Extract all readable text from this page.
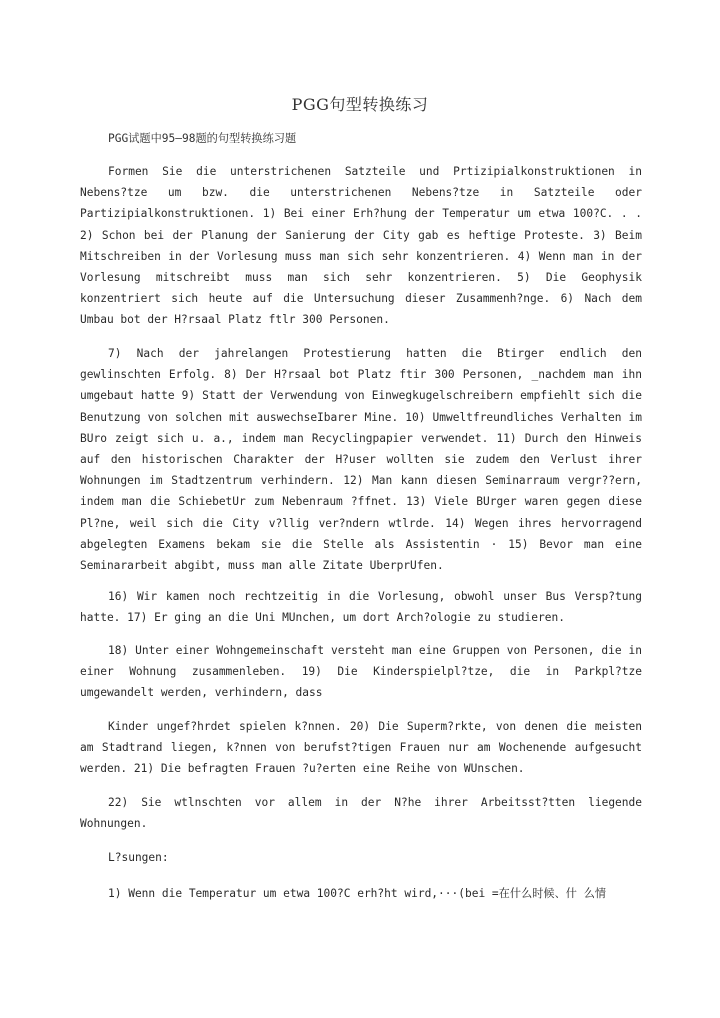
PGG句型转换练习
PGG试题中95—98题的句型转换练习题
Formen Sie die unterstrichenen Satzteile und Prtizipialkonstruktionen in Nebens?tze um bzw. die unterstrichenen Nebens?tze in Satzteile oder Partizipialkonstruktionen. 1) Bei einer Erh?hung der Temperatur um etwa 100?C. . . 2) Schon bei der Planung der Sanierung der City gab es heftige Proteste. 3) Beim Mitschreiben in der Vorlesung muss man sich sehr konzentrieren. 4) Wenn man in der Vorlesung mitschreibt muss man sich sehr konzentrieren. 5) Die Geophysik konzentriert sich heute auf die Untersuchung dieser Zusammenh?nge. 6) Nach dem Umbau bot der H?rsaal Platz ftlr 300 Personen.
7) Nach der jahrelangen Protestierung hatten die Btirger endlich den gewlinschten Erfolg. 8) Der H?rsaal bot Platz ftir 300 Personen, _nachdem man ihn umgebaut hatte 9) Statt der Verwendung von Einwegkugelschreibern empfiehlt sich die Benutzung von solchen mit auswechseIbarer Mine. 10) Umweltfreundliches Verhalten im BUro zeigt sich u. a., indem man Recyclingpapier verwendet. 11) Durch den Hinweis auf den historischen Charakter der H?user wollten sie zudem den Verlust ihrer Wohnungen im Stadtzentrum verhindern. 12) Man kann diesen Seminarraum vergr??ern, indem man die SchiebetUr zum Nebenraum ?ffnet. 13) Viele BUrger waren gegen diese Pl?ne, weil sich die City v?llig ver?ndern wtlrde. 14) Wegen ihres hervorragend abgelegten Examens bekam sie die Stelle als Assistentin · 15) Bevor man eine Seminararbeit abgibt, muss man alle Zitate UberprUfen.
16) Wir kamen noch rechtzeitig in die Vorlesung, obwohl unser Bus Versp?tung hatte. 17) Er ging an die Uni MUnchen, um dort Arch?ologie zu studieren.
18) Unter einer Wohngemeinschaft versteht man eine Gruppen von Personen, die in einer Wohnung zusammenleben. 19) Die Kinderspielpl?tze, die in Parkpl?tze umgewandelt werden, verhindern, dass
Kinder ungef?hrdet spielen k?nnen. 20) Die Superm?rkte, von denen die meisten am Stadtrand liegen, k?nnen von berufst?tigen Frauen nur am Wochenende aufgesucht werden. 21) Die befragten Frauen ?u?erten eine Reihe von WUnschen.
22) Sie wtlnschten vor allem in der N?he ihrer Arbeitsst?tten liegende Wohnungen.
L?sungen:
1) Wenn die Temperatur um etwa 100?C erh?ht wird,···(bei =在什么时候、什 么情
